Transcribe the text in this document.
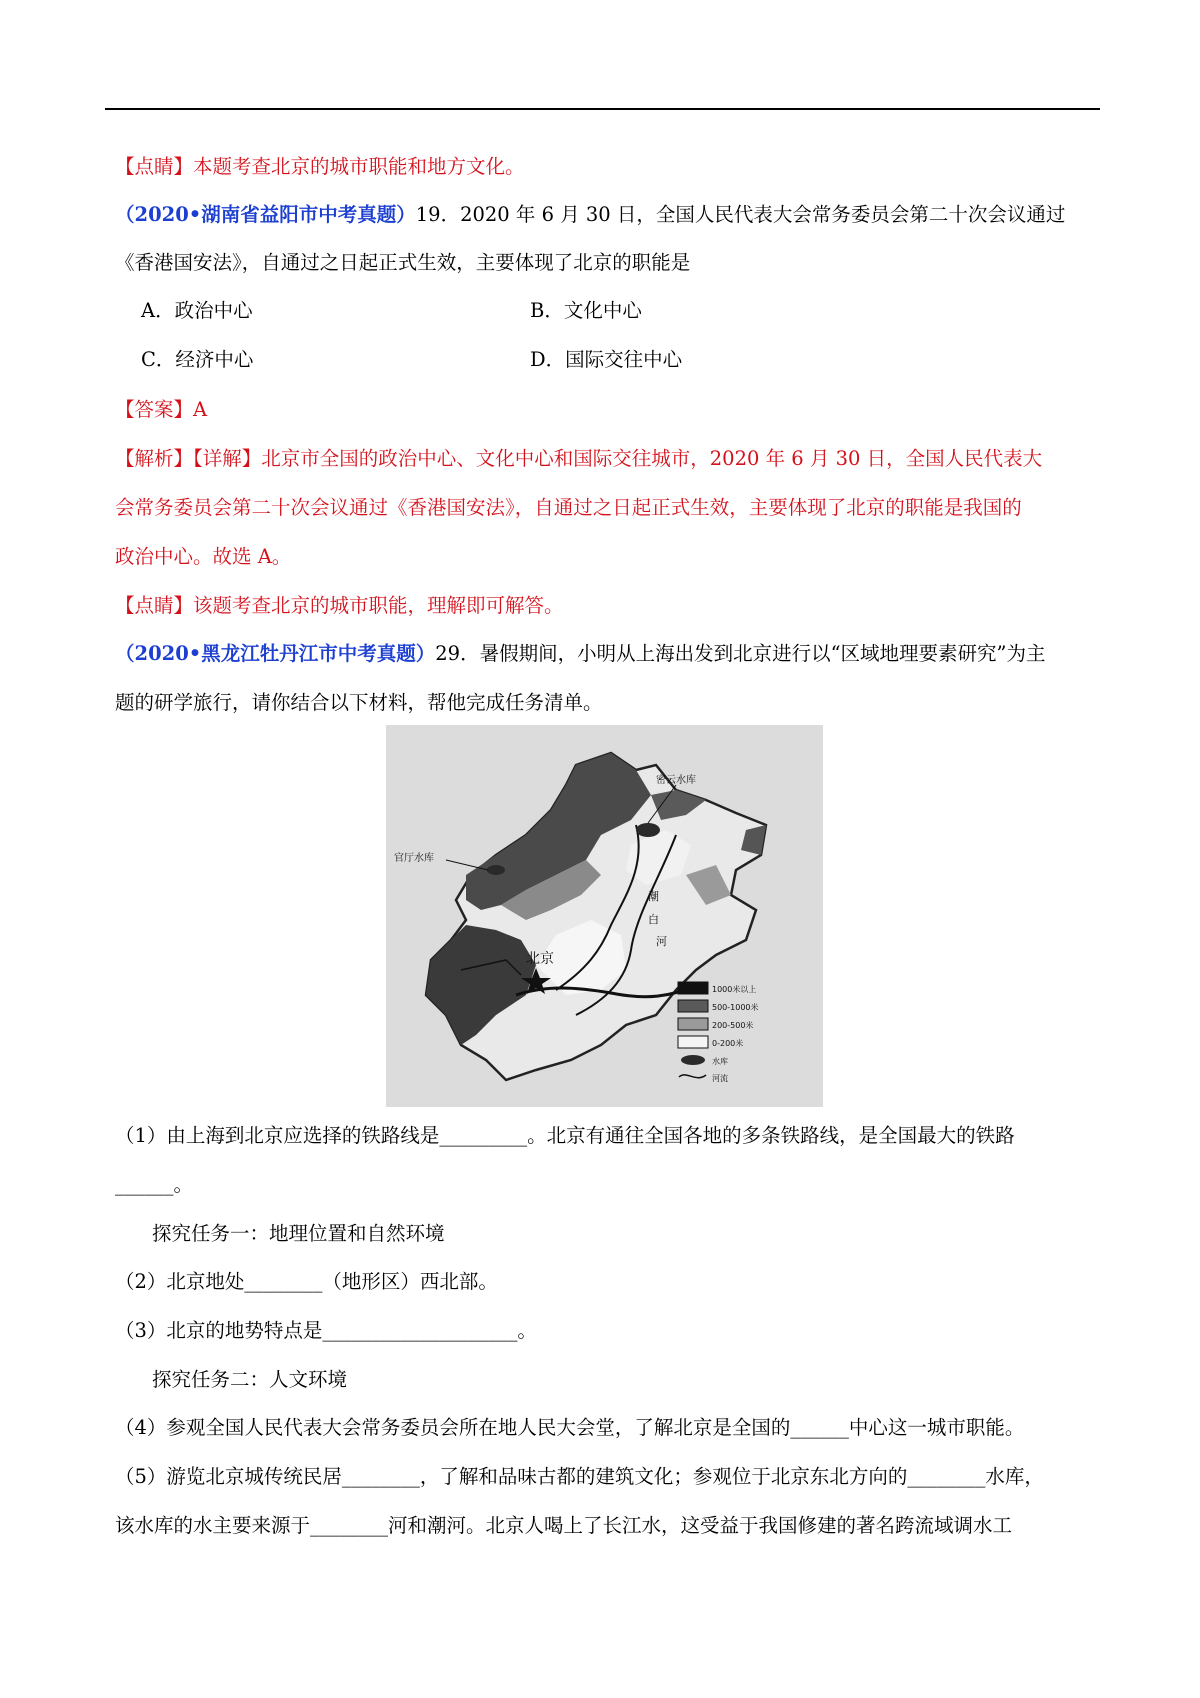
【点睛】本题考查北京的城市职能和地方文化。
（2020•湖南省益阳市中考真题）19．2020 年 6 月 30 日，全国人民代表大会常务委员会第二十次会议通过
《香港国安法》，自通过之日起正式生效，主要体现了北京的职能是
A．政治中心	B．文化中心
C．经济中心	D．国际交往中心
【答案】A
【解析】【详解】北京市全国的政治中心、文化中心和国际交往城市，2020 年 6 月 30 日，全国人民代表大
会常务委员会第二十次会议通过《香港国安法》，自通过之日起正式生效，主要体现了北京的职能是我国的
政治中心。故选 A。
【点睛】该题考查北京的城市职能，理解即可解答。
（2020•黑龙江牡丹江市中考真题）29．暑假期间，小明从上海出发到北京进行以“区域地理要素研究”为主
题的研学旅行，请你结合以下材料，帮他完成任务清单。
密云水库
官厅水库
北京
潮
白
河
1000米以上
500-1000米
200-500米
0-200米
水库
河流
（1）由上海到北京应选择的铁路线是_________。北京有通往全国各地的多条铁路线，是全国最大的铁路
______。
探究任务一：地理位置和自然环境
（2）北京地处________（地形区）西北部。
（3）北京的地势特点是____________________。
探究任务二：人文环境
（4）参观全国人民代表大会常务委员会所在地人民大会堂，了解北京是全国的______中心这一城市职能。
（5）游览北京城传统民居________，了解和品味古都的建筑文化；参观位于北京东北方向的________水库，
该水库的水主要来源于________河和潮河。北京人喝上了长江水，这受益于我国修建的著名跨流域调水工
